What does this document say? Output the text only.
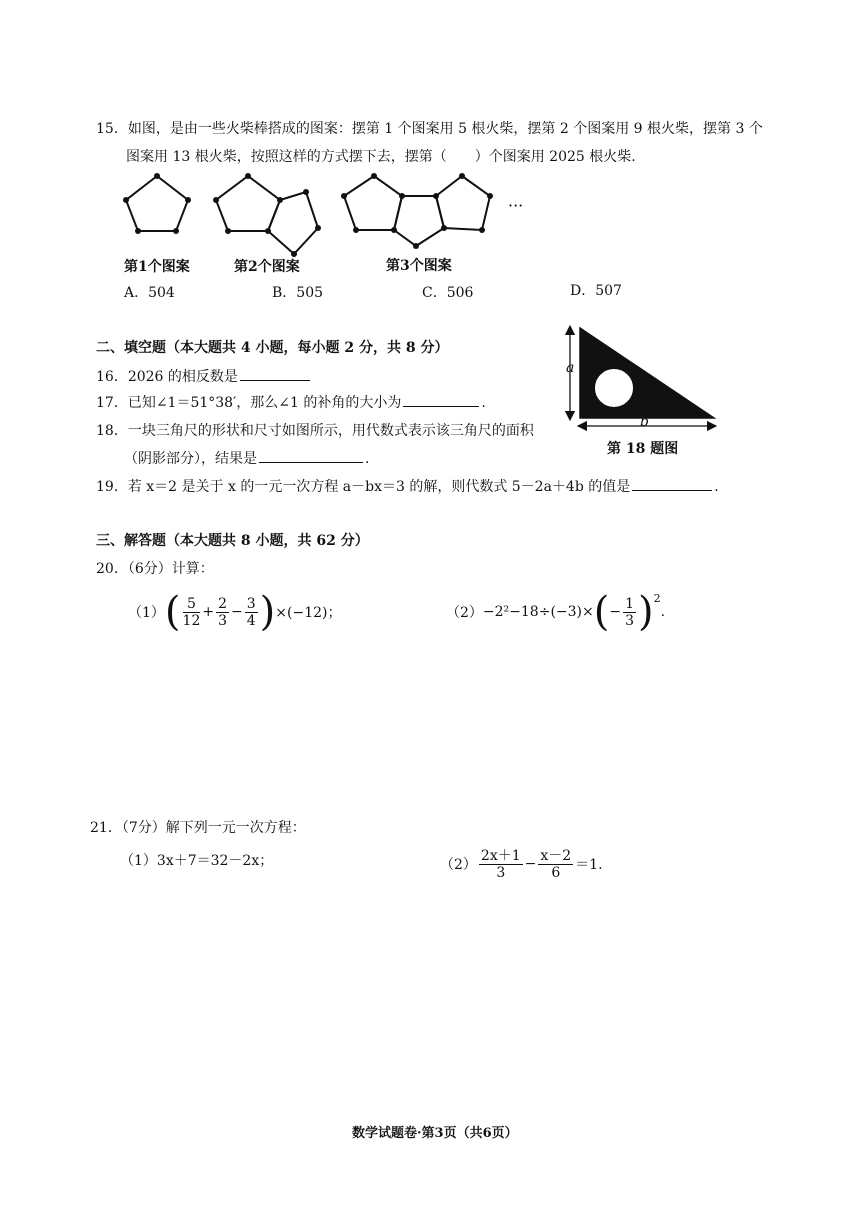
15．如图，是由一些火柴棒搭成的图案：摆第 1 个图案用 5 根火柴，摆第 2 个图案用 9 根火柴，摆第 3 个
图案用 13 根火柴，按照这样的方式摆下去，摆第（　　）个图案用 2025 根火柴.
···
第1个图案	第2个图案	第3个图案
A．504	B．505	C．506	D．507
二、填空题（本大题共 4 小题，每小题 2 分，共 8 分）
16．2026 的相反数是
17．已知∠1＝51°38′，那么∠1 的补角的大小为	.
18．一块三角尺的形状和尺寸如图所示，用代数式表示该三角尺的面积
（阴影部分），结果是	.
19．若 x＝2 是关于 x 的一元一次方程 a－bx＝3 的解，则代数式 5－2a＋4b 的值是	.
a
b
第 18 题图
三、解答题（本大题共 8 小题，共 62 分）
20．（6分）计算：
（1） ( $\frac{5}{12} + \frac{2}{3} - \frac{3}{4}$ ) ×(−12)；	（2） −2²−18÷(−3)× ( − $\frac{1}{3}$ ) 2
.
21．（7分）解下列一元一次方程：
（1）3x＋7＝32－2x；	$(2) \frac{2x+1}{3} - \frac{x-2}{6} =1$.
数学试题卷·第3页（共6页）
